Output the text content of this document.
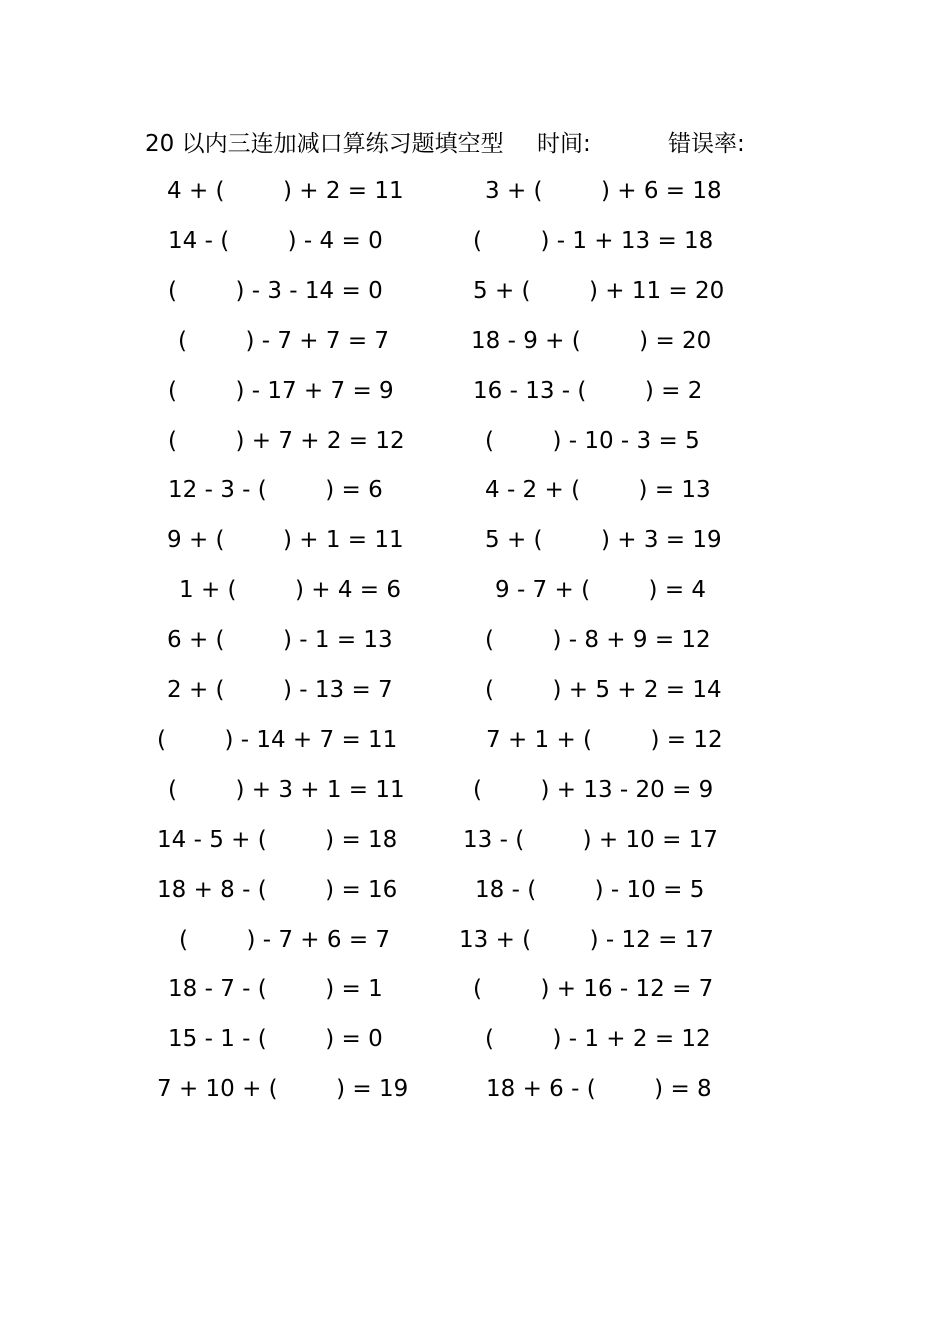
20 以内三连加减口算练习题填空型 时间:	错误率:
4 + (        ) + 2 = 11
14 - (        ) - 4 = 0
(        ) - 3 - 14 = 0
(        ) - 7 + 7 = 7
(        ) - 17 + 7 = 9
(        ) + 7 + 2 = 12
12 - 3 - (        ) = 6
9 + (        ) + 1 = 11
1 + (        ) + 4 = 6
6 + (        ) - 1 = 13
2 + (        ) - 13 = 7
(        ) - 14 + 7 = 11
(        ) + 3 + 1 = 11
14 - 5 + (        ) = 18
18 + 8 - (        ) = 16
(        ) - 7 + 6 = 7
18 - 7 - (        ) = 1
15 - 1 - (        ) = 0
7 + 10 + (        ) = 19
3 + (        ) + 6 = 18
(        ) - 1 + 13 = 18
5 + (        ) + 11 = 20
18 - 9 + (        ) = 20
16 - 13 - (        ) = 2
(        ) - 10 - 3 = 5
4 - 2 + (        ) = 13
5 + (        ) + 3 = 19
9 - 7 + (        ) = 4
(        ) - 8 + 9 = 12
(        ) + 5 + 2 = 14
7 + 1 + (        ) = 12
(        ) + 13 - 20 = 9
13 - (        ) + 10 = 17
18 - (        ) - 10 = 5
13 + (        ) - 12 = 17
(        ) + 16 - 12 = 7
(        ) - 1 + 2 = 12
18 + 6 - (        ) = 8
